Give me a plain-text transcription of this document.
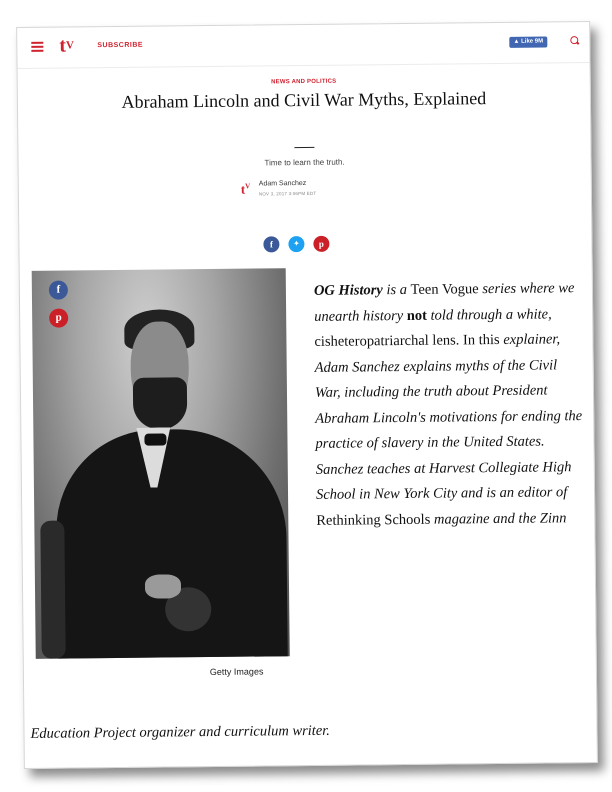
$t^V$	SUBSCRIBE	▲ Like 9M
NEWS AND POLITICS
Abraham Lincoln and Civil War Myths, Explained
Time to learn the truth.
$t^V$ Adam Sanchez
NOV 3, 2017 3:06PM EDT
f	✦	p
f
p
Getty Images

OG History is a Teen Vogue series where we unearth history not told through a white, cisheteropatriarchal lens. In this explainer, Adam Sanchez explains myths of the Civil War, including the truth about President Abraham Lincoln's motivations for ending the practice of slavery in the United States. Sanchez teaches at Harvest Collegiate High School in New York City and is an editor of Rethinking Schools magazine and the Zinn

Education Project organizer and curriculum writer.
